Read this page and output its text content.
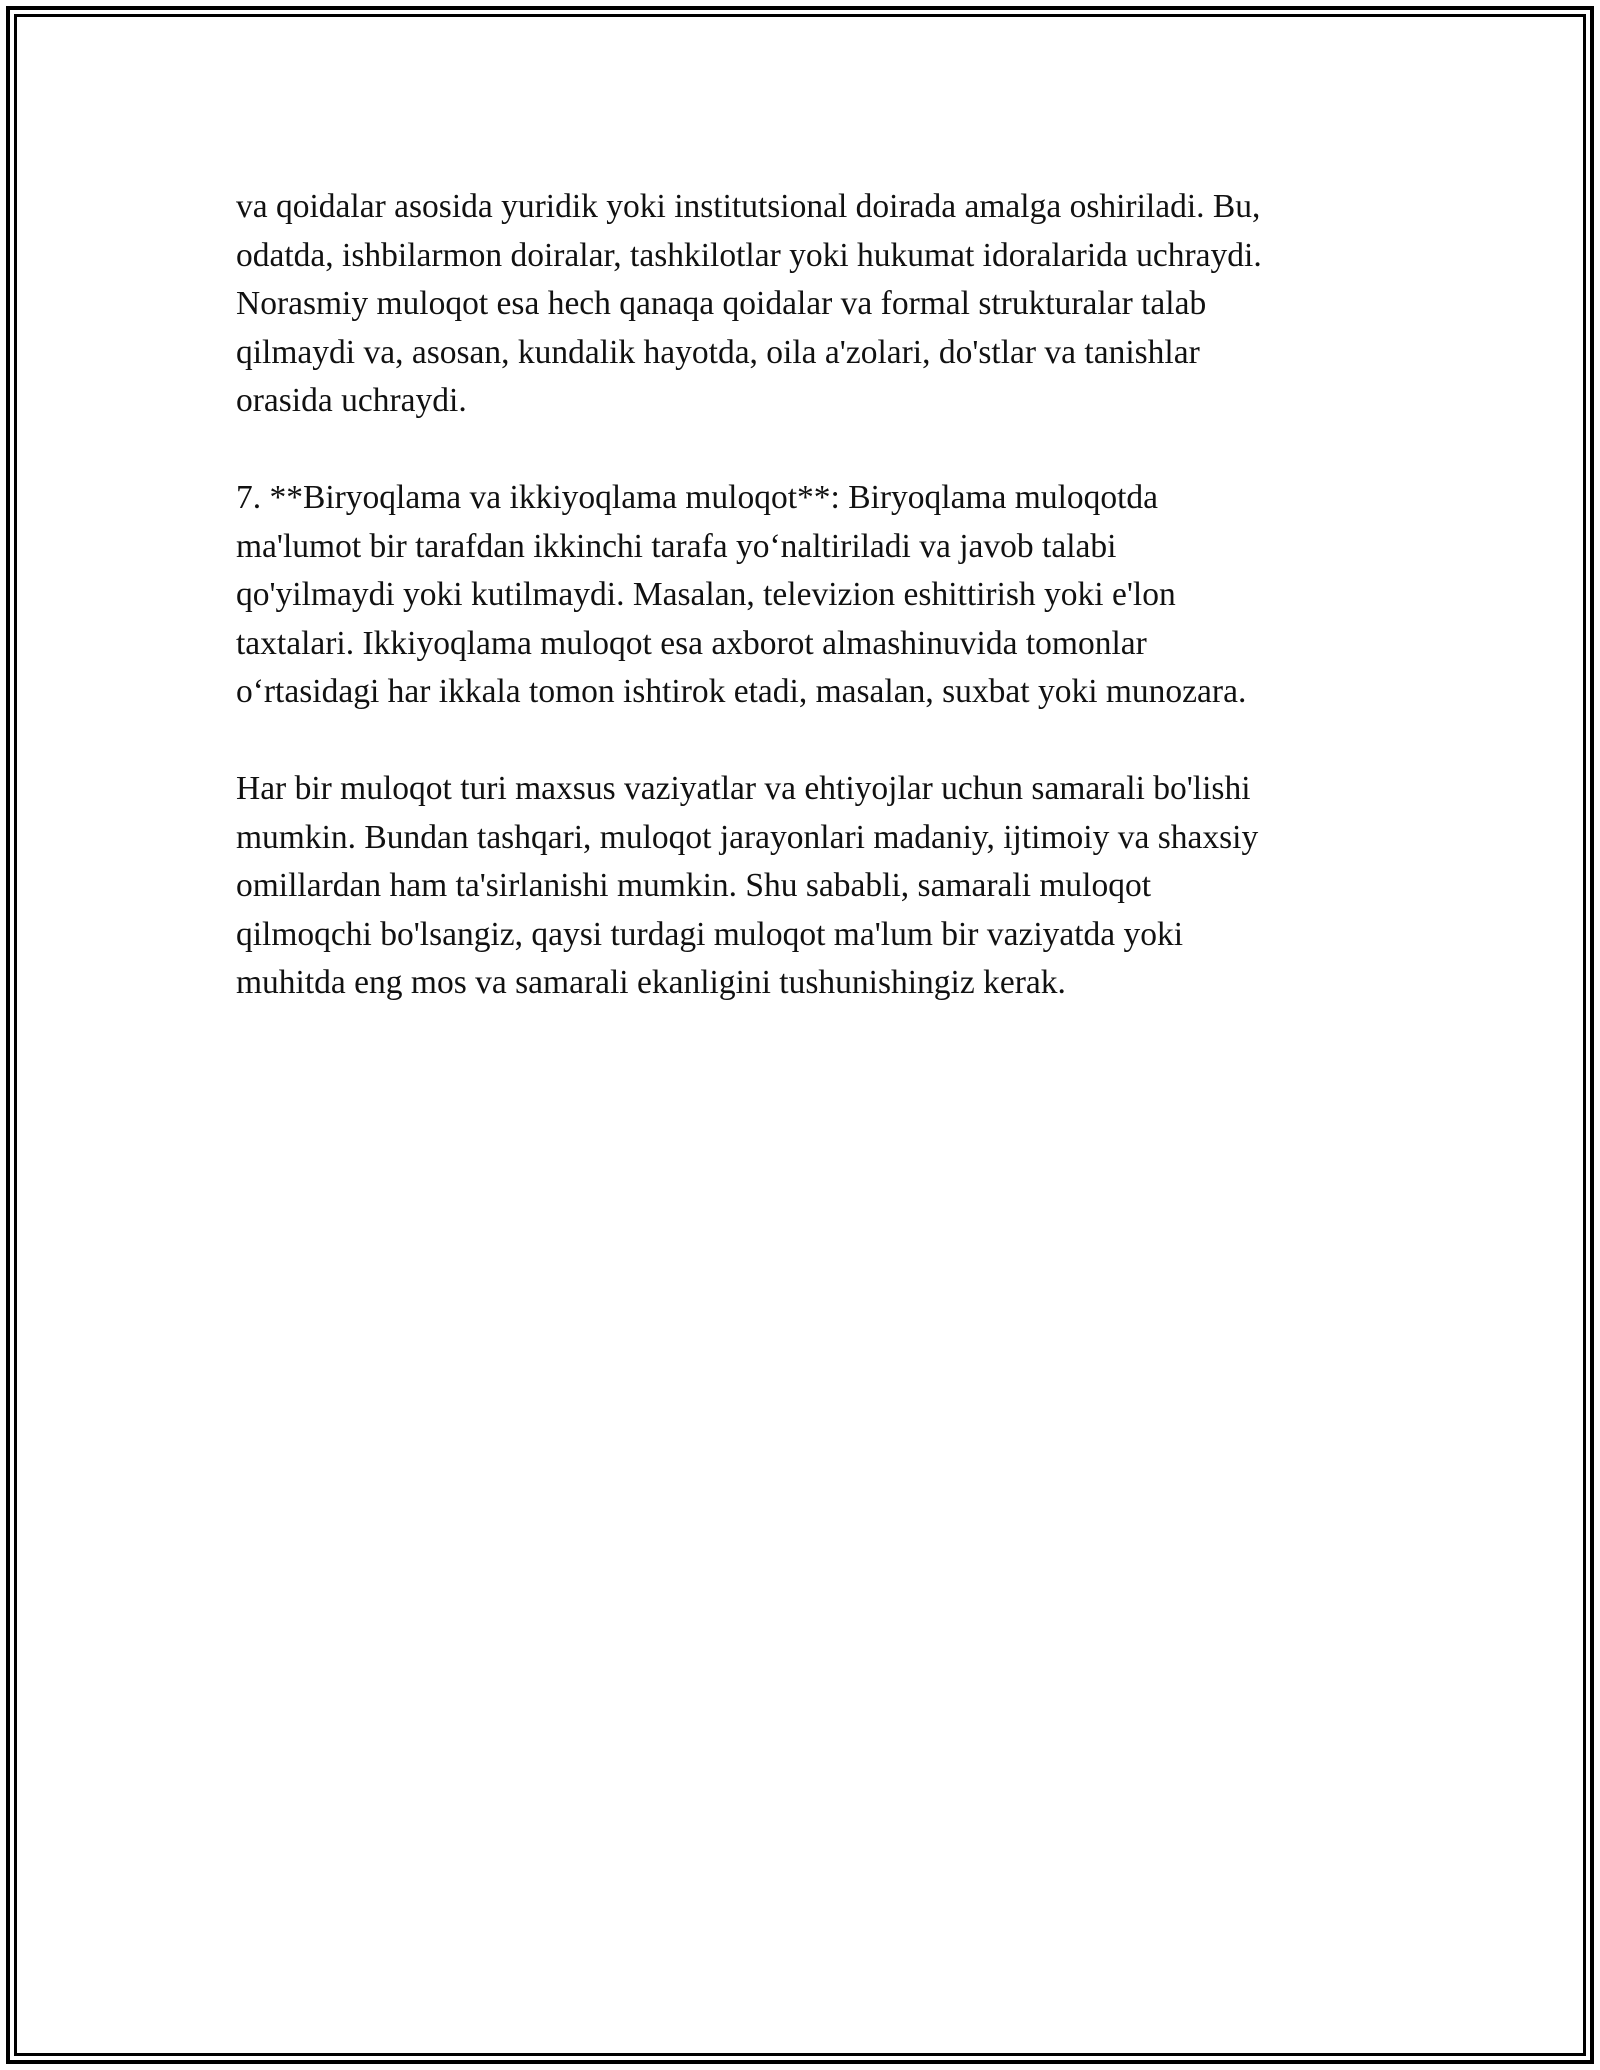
va qoidalar asosida yuridik yoki institutsional doirada amalga oshiriladi. Bu,
odatda, ishbilarmon doiralar, tashkilotlar yoki hukumat idoralarida uchraydi.
Norasmiy muloqot esa hech qanaqa qoidalar va formal strukturalar talab
qilmaydi va, asosan, kundalik hayotda, oila a'zolari, do'stlar va tanishlar
orasida uchraydi.

7. **Biryoqlama va ikkiyoqlama muloqot**: Biryoqlama muloqotda
ma'lumot bir tarafdan ikkinchi tarafa yo‘naltiriladi va javob talabi
qo'yilmaydi yoki kutilmaydi. Masalan, televizion eshittirish yoki e'lon
taxtalari. Ikkiyoqlama muloqot esa axborot almashinuvida tomonlar
o‘rtasidagi har ikkala tomon ishtirok etadi, masalan, suxbat yoki munozara.

Har bir muloqot turi maxsus vaziyatlar va ehtiyojlar uchun samarali bo'lishi
mumkin. Bundan tashqari, muloqot jarayonlari madaniy, ijtimoiy va shaxsiy
omillardan ham ta'sirlanishi mumkin. Shu sababli, samarali muloqot
qilmoqchi bo'lsangiz, qaysi turdagi muloqot ma'lum bir vaziyatda yoki
muhitda eng mos va samarali ekanligini tushunishingiz kerak.
